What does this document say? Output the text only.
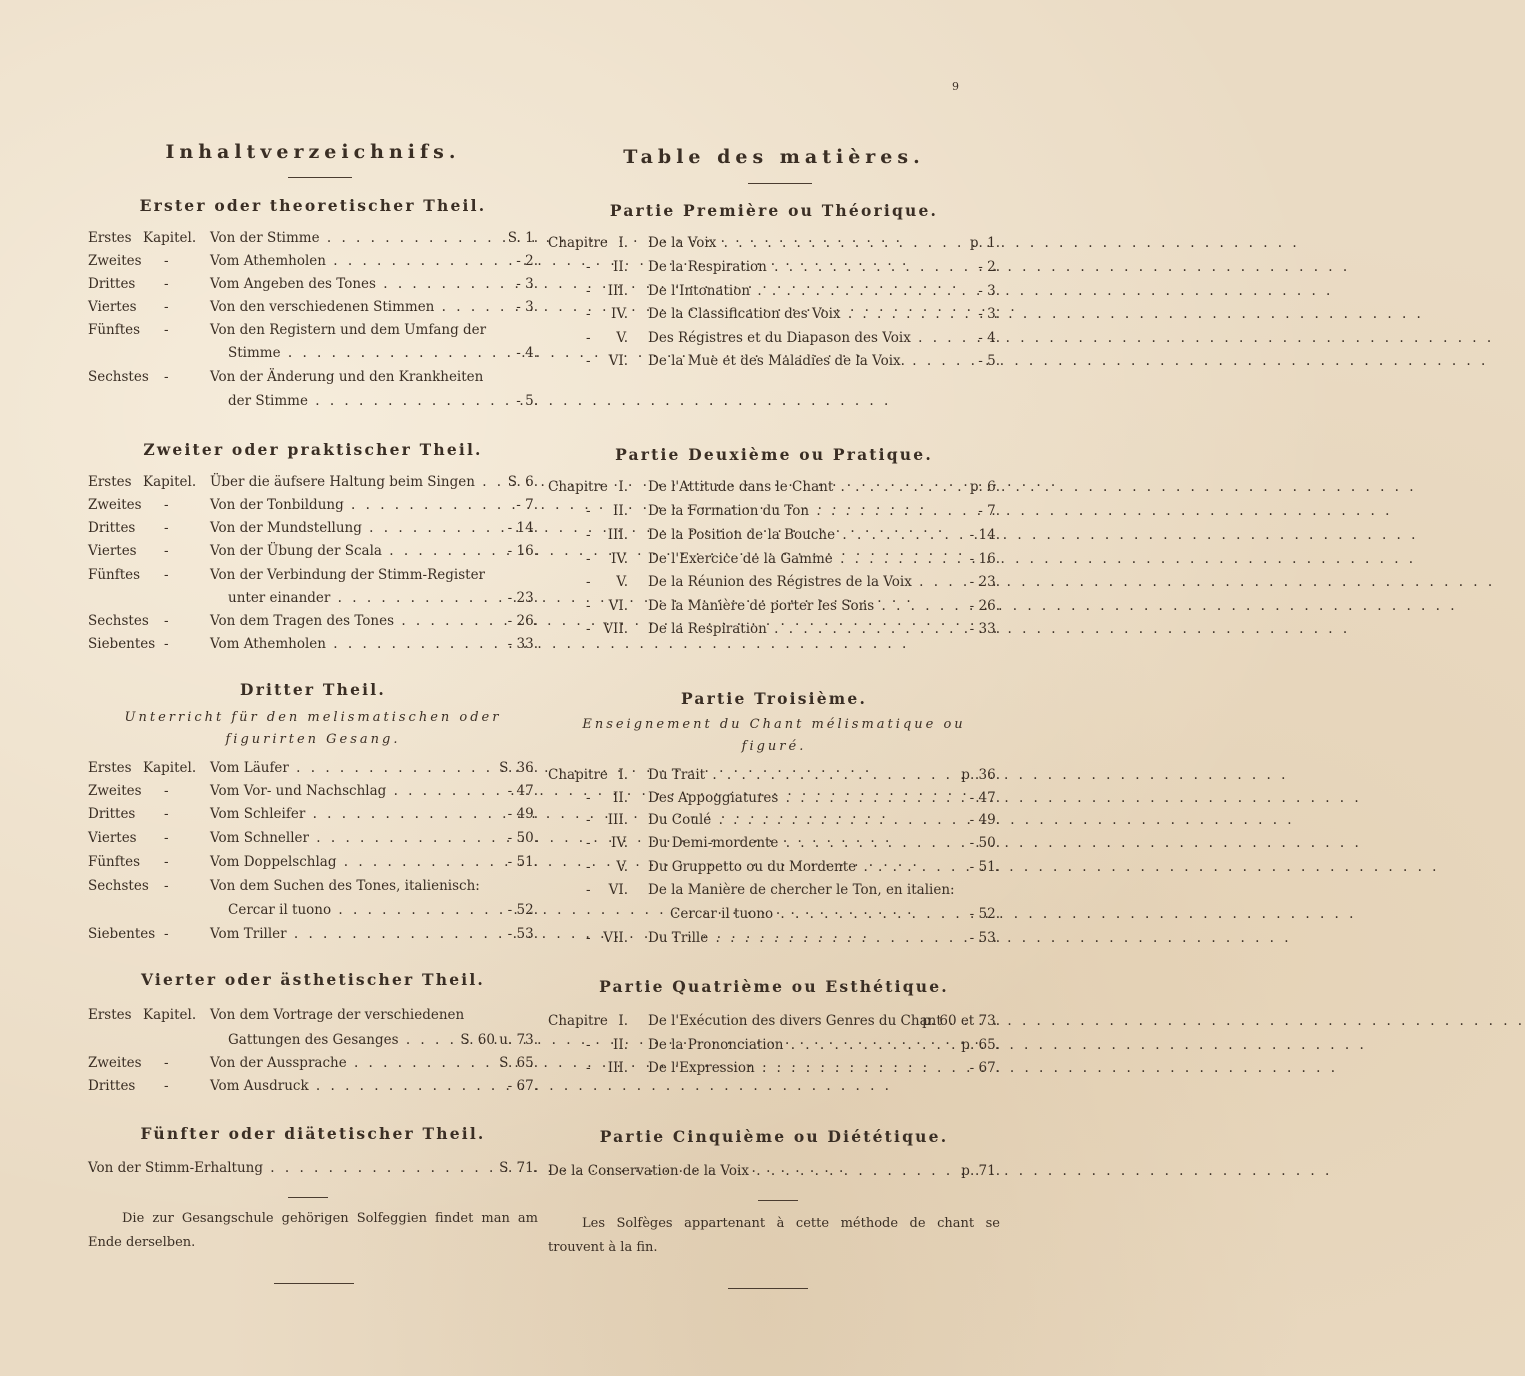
9
Inhaltverzeichnifs.
Erster oder theoretischer Theil.
Erstes Kapitel. Von der Stimme . . .	S. 1.
Zweites -	Vom Athemholen . . .	- 2.
Drittes -	Vom Angeben des Tones . . .	- 3.
Viertes -	Von den verschiedenen Stimmen . . .	- 3.
Fünftes -	Von den Registern und dem Umfang der
Stimme . . .	- 4.
Sechstes -	Von der Änderung und den Krankheiten
der Stimme . . .	- 5.
Zweiter oder praktischer Theil.
Erstes Kapitel. Über die äufsere Haltung beim Singen . . .	S. 6.
Zweites -	Von der Tonbildung . . .	- 7.
Drittes -	Von der Mundstellung . . .	- 14.
Viertes -	Von der Übung der Scala . . .	- 16.
Fünftes -	Von der Verbindung der Stimm-Register
unter einander . . .	- 23.
Sechstes -	Von dem Tragen des Tones . . .	- 26.
Siebentes -	Vom Athemholen . . .	- 33.
Dritter Theil.
Unterricht für den melismatischen oder figurirten Gesang.
Erstes Kapitel. Vom Läufer . . .	S. 36.
Zweites -	Vom Vor- und Nachschlag . . .	- 47.
Drittes -	Vom Schleifer . . .	- 49.
Viertes -	Vom Schneller . . .	- 50.
Fünftes -	Vom Doppelschlag . . .	- 51.
Sechstes -	Von dem Suchen des Tones, italienisch:
Cercar il tuono . . .	- 52.
Siebentes -	Vom Triller . . .	- 53.
Vierter oder ästhetischer Theil.
Erstes Kapitel. Von dem Vortrage der verschiedenen
Gattungen des Gesanges . . .	S. 60 u. 73.
Zweites -	Von der Aussprache . . .	S. 65.
Drittes -	Vom Ausdruck . . .	- 67.
Fünfter oder diätetischer Theil.
Von der Stimm-Erhaltung . . .	S. 71.
Die zur Gesangschule gehörigen Solfeggien findet man am Ende derselben.
Table des matières.
Partie Première ou Théorique.
Chapitre I. De la Voix . . .	p. 1.
-	II. De la Respiration . . .	- 2.
-	III. De l'Intonation . . .	- 3.
-	IV. De la Classification des Voix . . .	- 3.
-	V. Des Régistres et du Diapason des Voix . . .	- 4.
-	VI. De la Mue et des Maladies de la Voix. . . .	- 5.
Partie Deuxième ou Pratique.
Chapitre I. De l'Attitude dans le Chant . . .	p. 6.
-	II. De la Formation du Ton . . .	- 7.
-	III. De la Position de la Bouche . . .	- 14.
-	IV. De l'Exercice de la Gamme . . .	- 16.
-	V. De la Réunion des Régistres de la Voix . . .	- 23.
-	VI. De la Manière de porter les Sons . . .	- 26.
- VII. De la Respiration . . .	- 33.
Partie Troisième.
Enseignement du Chant mélismatique ou figuré.
Chapitre I. Du Trait . . .	p. 36.
-	II. Des Appoggiatures . . .	- 47.
-	III. Du Coulé . . .	- 49.
-	IV. Du Demi-mordente . . .	- 50.
-	V. Du Gruppetto ou du Mordente . . .	- 51.
-	VI. De la Manière de chercher le Ton, en italien:
Cercar il tuono . . .	- 52.
- VII. Du Trille . . .	- 53.
Partie Quatrième ou Esthétique.
Chapitre I. De l'Exécution des divers Genres du Chant . . .
p. 60 et 73.
-	II. De la Prononciation . . .	p. 65.
-	III. De l'Expression . . .	- 67.
Partie Cinquième ou Diététique.
De la Conservation de la Voix . . .	p. 71.
Les Solfèges appartenant à cette méthode de chant se trouvent à la fin.
